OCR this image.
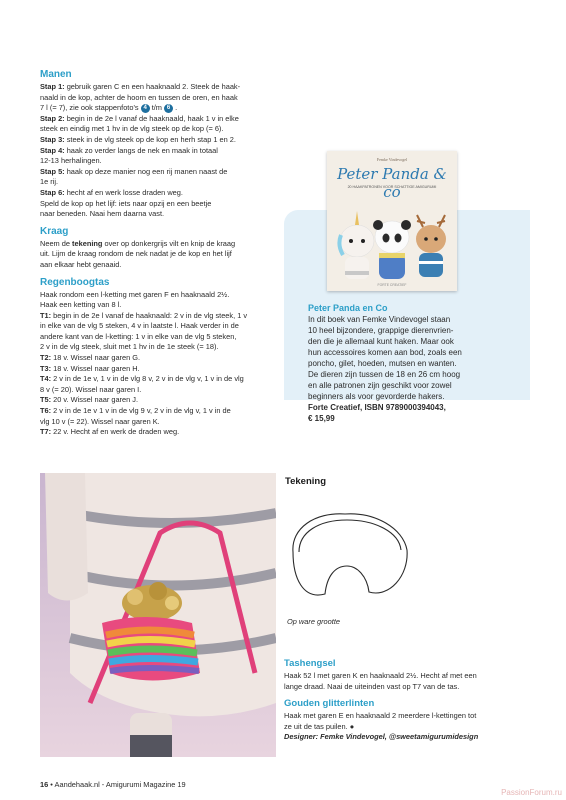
Manen
Stap 1: gebruik garen C en een haaknaald 2. Steek de haak-
naald in de kop, achter de hoorn en tussen de oren, en haak
7 l (= 7), zie ook stappenfoto's 4 t/m 6 .
Stap 2: begin in de 2e l vanaf de haaknaald, haak 1 v in elke
steek en eindig met 1 hv in de vlg steek op de kop (= 6).
Stap 3: steek in de vlg steek op de kop en herh stap 1 en 2.
Stap 4: haak zo verder langs de nek en maak in totaal
12-13 herhalingen.
Stap 5: haak op deze manier nog een rij manen naast de
1e rij.
Stap 6: hecht af en werk losse draden weg.
Speld de kop op het lijf: iets naar opzij en een beetje
naar beneden. Naai hem daarna vast.
Kraag
Neem de tekening over op donkergrijs vilt en knip de kraag
uit. Lijm de kraag rondom de nek nadat je de kop en het lijf
aan elkaar hebt genaaid.
Regenboogtas
Haak rondom een l-ketting met garen F en haaknaald 2½.
Haak een ketting van 8 l.
T1: begin in de 2e l vanaf de haaknaald: 2 v in de vlg steek, 1 v
in elke van de vlg 5 steken, 4 v in laatste l. Haak verder in de
andere kant van de l-ketting: 1 v in elke van de vlg 5 steken,
2 v in de vlg steek, sluit met 1 hv in de 1e steek (= 18).
T2: 18 v. Wissel naar garen G.
T3: 18 v. Wissel naar garen H.
T4: 2 v in de 1e v, 1 v in de vlg 8 v, 2 v in de vlg v, 1 v in de vlg
8 v (= 20). Wissel naar garen I.
T5: 20 v. Wissel naar garen J.
T6: 2 v in de 1e v 1 v in de vlg 9 v, 2 v in de vlg v, 1 v in de
vlg 10 v (= 22). Wissel naar garen K.
T7: 22 v. Hecht af en werk de draden weg.
Femke Vindevogel
Peter Panda & co
20 HAAKPATRONEN VOOR SCHATTIGE AMIGURUMI
FORTE CREATIEF
Peter Panda en Co
In dit boek van Femke Vindevogel staan
10 heel bijzondere, grappige dierenvrien-
den die je allemaal kunt haken. Maar ook
hun accessoires komen aan bod, zoals een
poncho, gilet, hoeden, mutsen en wanten.
De dieren zijn tussen de 18 en 26 cm hoog
en alle patronen zijn geschikt voor zowel
beginners als voor gevorderde hakers.
Forte Creatief, ISBN 9789000394043,
€ 15,99
Tekening
Op ware grootte
Tashengsel
Haak 52 l met garen K en haaknaald 2½. Hecht af met een
lange draad. Naai de uiteinden vast op T7 van de tas.
Gouden glitterlinten
Haak met garen E en haaknaald 2 meerdere l-kettingen tot
ze uit de tas puilen. ●
Designer: Femke Vindevogel, @sweetamigurumidesign
16 • Aandehaak.nl - Amigurumi Magazine 19
PassionForum.ru
